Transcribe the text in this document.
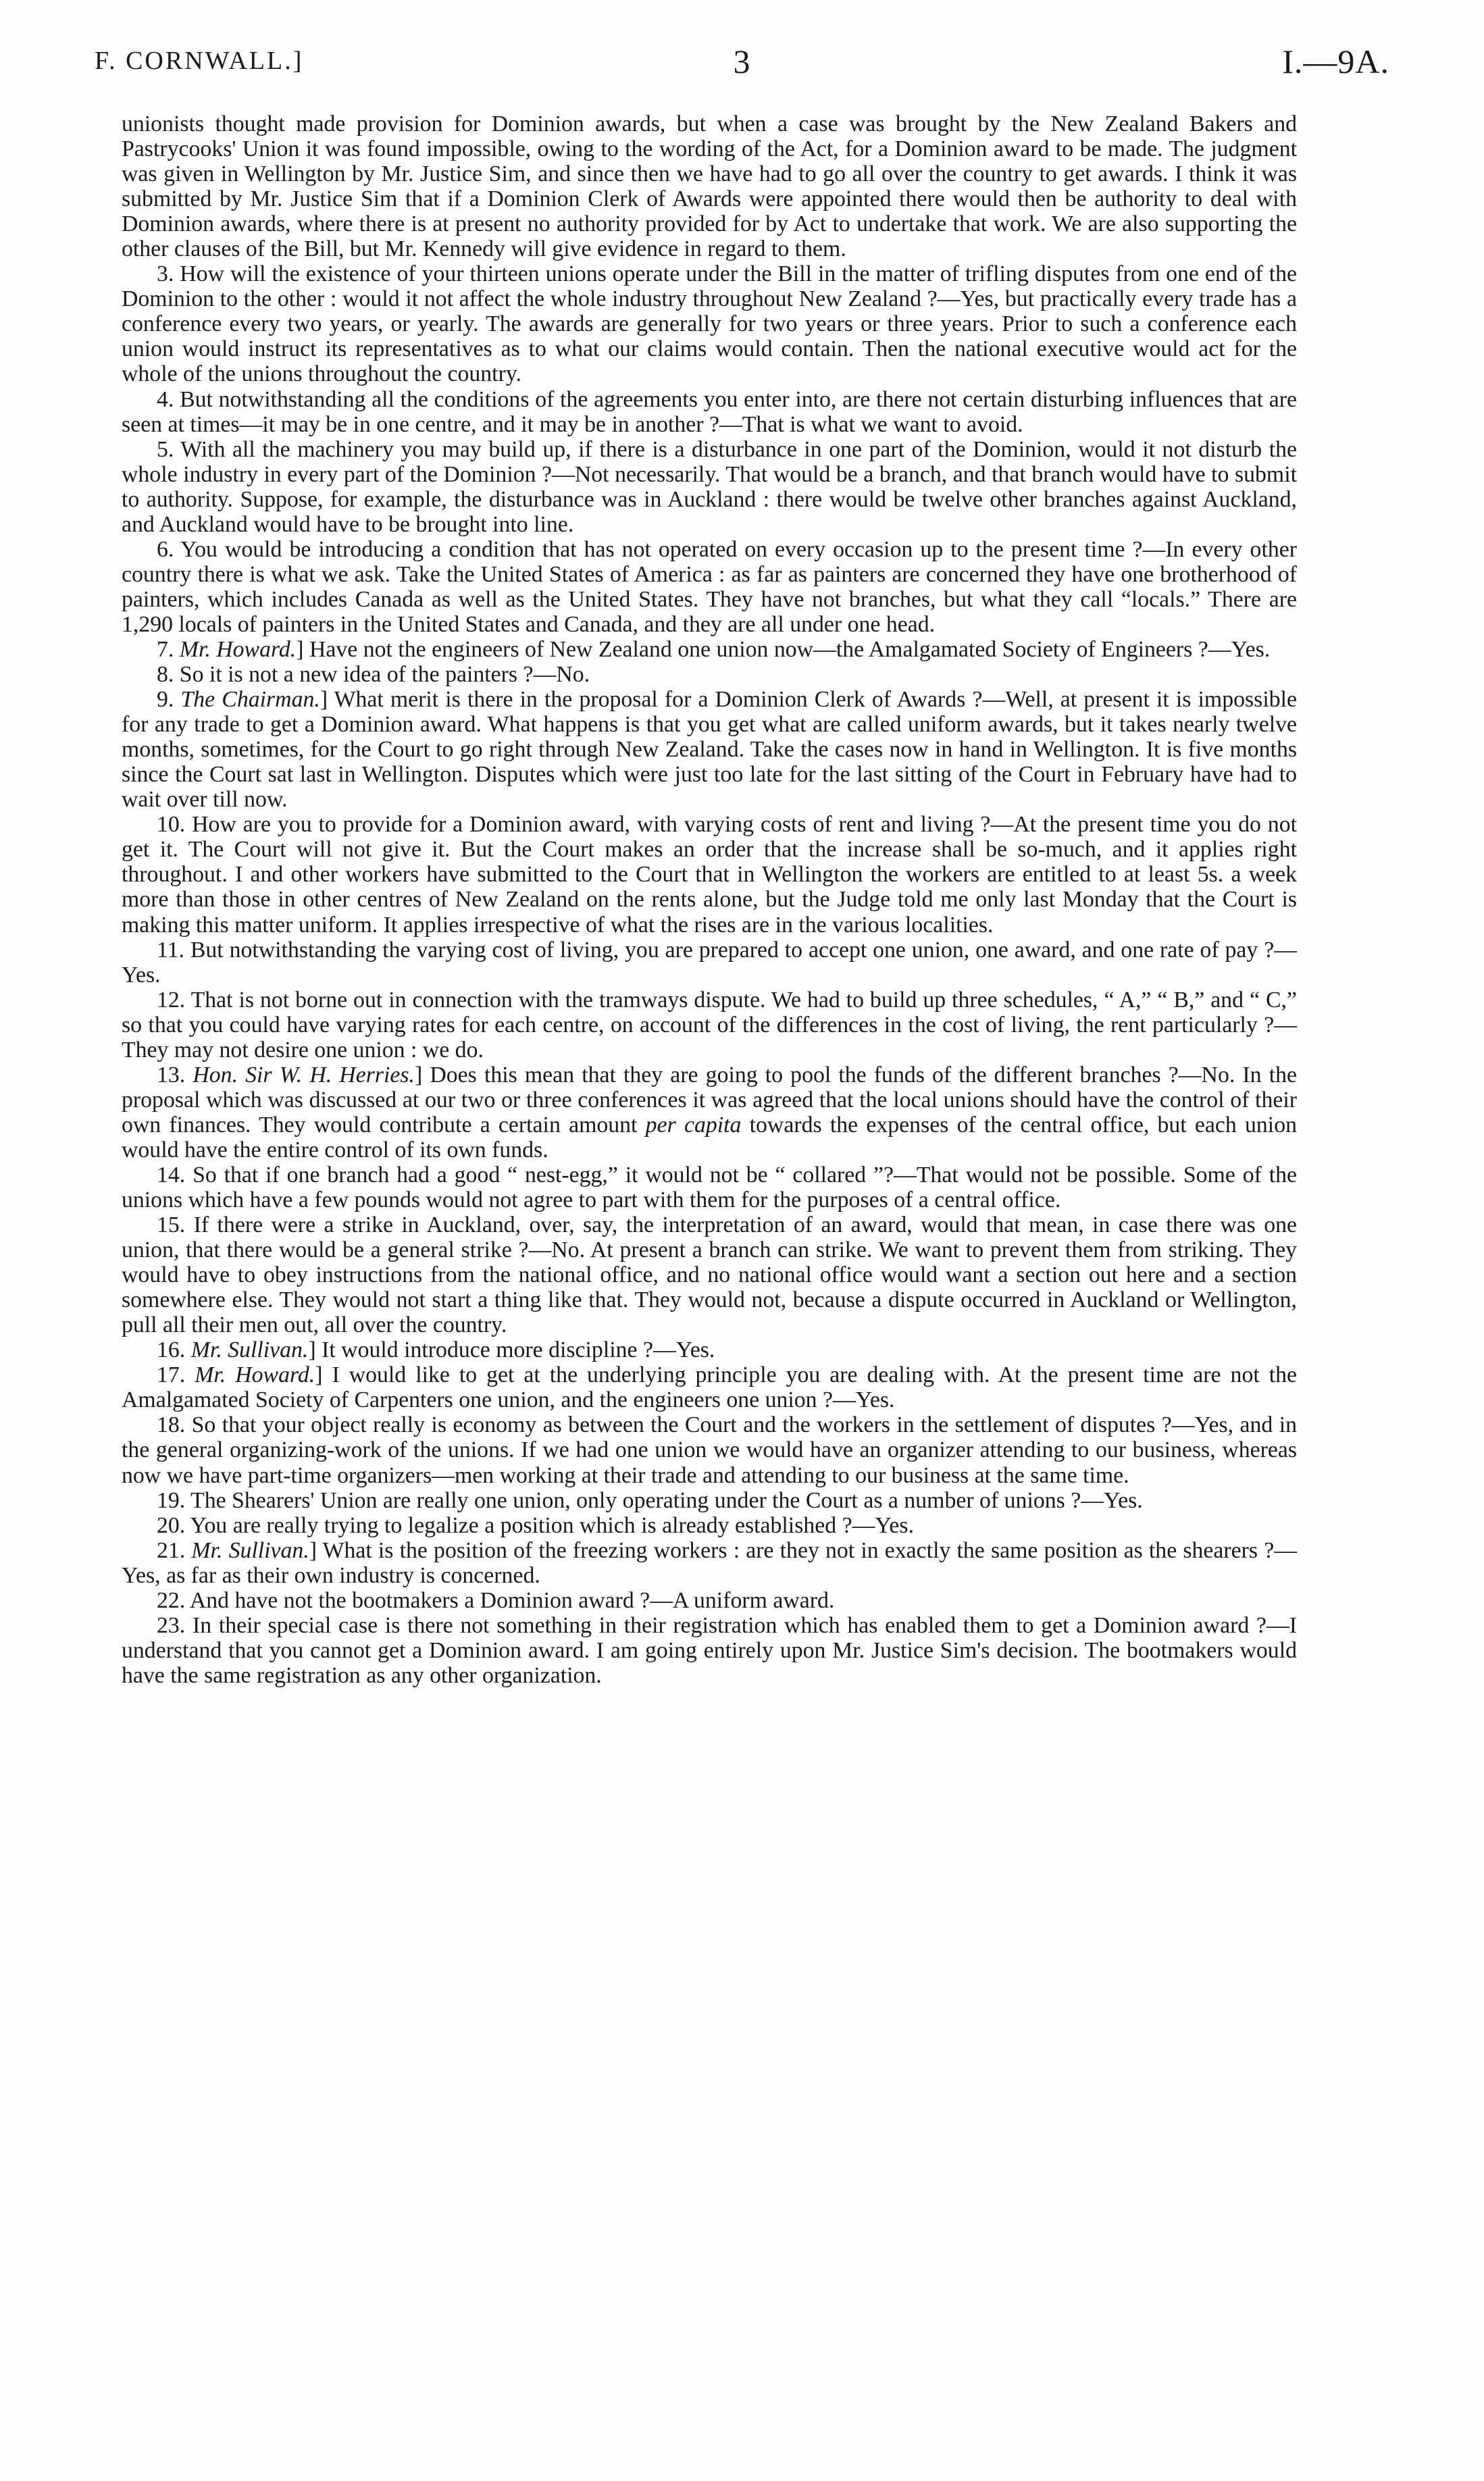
F. CORNWALL.]	3	I.—9A.

unionists thought made provision for Dominion awards, but when a case was brought by the New Zealand Bakers and Pastrycooks' Union it was found impossible, owing to the wording of the Act, for a Dominion award to be made. The judgment was given in Wellington by Mr. Justice Sim, and since then we have had to go all over the country to get awards. I think it was submitted by Mr. Justice Sim that if a Dominion Clerk of Awards were appointed there would then be authority to deal with Dominion awards, where there is at present no authority provided for by Act to undertake that work. We are also supporting the other clauses of the Bill, but Mr. Kennedy will give evidence in regard to them.

3. How will the existence of your thirteen unions operate under the Bill in the matter of trifling disputes from one end of the Dominion to the other : would it not affect the whole industry throughout New Zealand ?—Yes, but practically every trade has a conference every two years, or yearly. The awards are generally for two years or three years. Prior to such a conference each union would instruct its representatives as to what our claims would contain. Then the national executive would act for the whole of the unions throughout the country.

4. But notwithstanding all the conditions of the agreements you enter into, are there not certain disturbing influences that are seen at times—it may be in one centre, and it may be in another ?—That is what we want to avoid.

5. With all the machinery you may build up, if there is a disturbance in one part of the Dominion, would it not disturb the whole industry in every part of the Dominion ?—Not necessarily. That would be a branch, and that branch would have to submit to authority. Suppose, for example, the disturbance was in Auckland : there would be twelve other branches against Auckland, and Auckland would have to be brought into line.

6. You would be introducing a condition that has not operated on every occasion up to the present time ?—In every other country there is what we ask. Take the United States of America : as far as painters are concerned they have one brotherhood of painters, which includes Canada as well as the United States. They have not branches, but what they call “locals.” There are 1,290 locals of painters in the United States and Canada, and they are all under one head.

7. Mr. Howard.] Have not the engineers of New Zealand one union now—the Amalgamated Society of Engineers ?—Yes.

8. So it is not a new idea of the painters ?—No.

9. The Chairman.] What merit is there in the proposal for a Dominion Clerk of Awards ?—Well, at present it is impossible for any trade to get a Dominion award. What happens is that you get what are called uniform awards, but it takes nearly twelve months, sometimes, for the Court to go right through New Zealand. Take the cases now in hand in Wellington. It is five months since the Court sat last in Wellington. Disputes which were just too late for the last sitting of the Court in February have had to wait over till now.

10. How are you to provide for a Dominion award, with varying costs of rent and living ?—At the present time you do not get it. The Court will not give it. But the Court makes an order that the increase shall be so-much, and it applies right throughout. I and other workers have submitted to the Court that in Wellington the workers are entitled to at least 5s. a week more than those in other centres of New Zealand on the rents alone, but the Judge told me only last Monday that the Court is making this matter uniform. It applies irrespective of what the rises are in the various localities.

11. But notwithstanding the varying cost of living, you are prepared to accept one union, one award, and one rate of pay ?—Yes.

12. That is not borne out in connection with the tramways dispute. We had to build up three schedules, “ A,” “ B,” and “ C,” so that you could have varying rates for each centre, on account of the differences in the cost of living, the rent particularly ?—They may not desire one union : we do.

13. Hon. Sir W. H. Herries.] Does this mean that they are going to pool the funds of the different branches ?—No. In the proposal which was discussed at our two or three conferences it was agreed that the local unions should have the control of their own finances. They would contribute a certain amount per capita towards the expenses of the central office, but each union would have the entire control of its own funds.

14. So that if one branch had a good “ nest-egg,” it would not be “ collared ”?—That would not be possible. Some of the unions which have a few pounds would not agree to part with them for the purposes of a central office.

15. If there were a strike in Auckland, over, say, the interpretation of an award, would that mean, in case there was one union, that there would be a general strike ?—No. At present a branch can strike. We want to prevent them from striking. They would have to obey instructions from the national office, and no national office would want a section out here and a section somewhere else. They would not start a thing like that. They would not, because a dispute occurred in Auckland or Wellington, pull all their men out, all over the country.

16. Mr. Sullivan.] It would introduce more discipline ?—Yes.

17. Mr. Howard.] I would like to get at the underlying principle you are dealing with. At the present time are not the Amalgamated Society of Carpenters one union, and the engineers one union ?—Yes.

18. So that your object really is economy as between the Court and the workers in the settlement of disputes ?—Yes, and in the general organizing-work of the unions. If we had one union we would have an organizer attending to our business, whereas now we have part-time organizers—men working at their trade and attending to our business at the same time.

19. The Shearers' Union are really one union, only operating under the Court as a number of unions ?—Yes.

20. You are really trying to legalize a position which is already established ?—Yes.

21. Mr. Sullivan.] What is the position of the freezing workers : are they not in exactly the same position as the shearers ?—Yes, as far as their own industry is concerned.

22. And have not the bootmakers a Dominion award ?—A uniform award.

23. In their special case is there not something in their registration which has enabled them to get a Dominion award ?—I understand that you cannot get a Dominion award. I am going entirely upon Mr. Justice Sim's decision. The bootmakers would have the same registration as any other organization.
